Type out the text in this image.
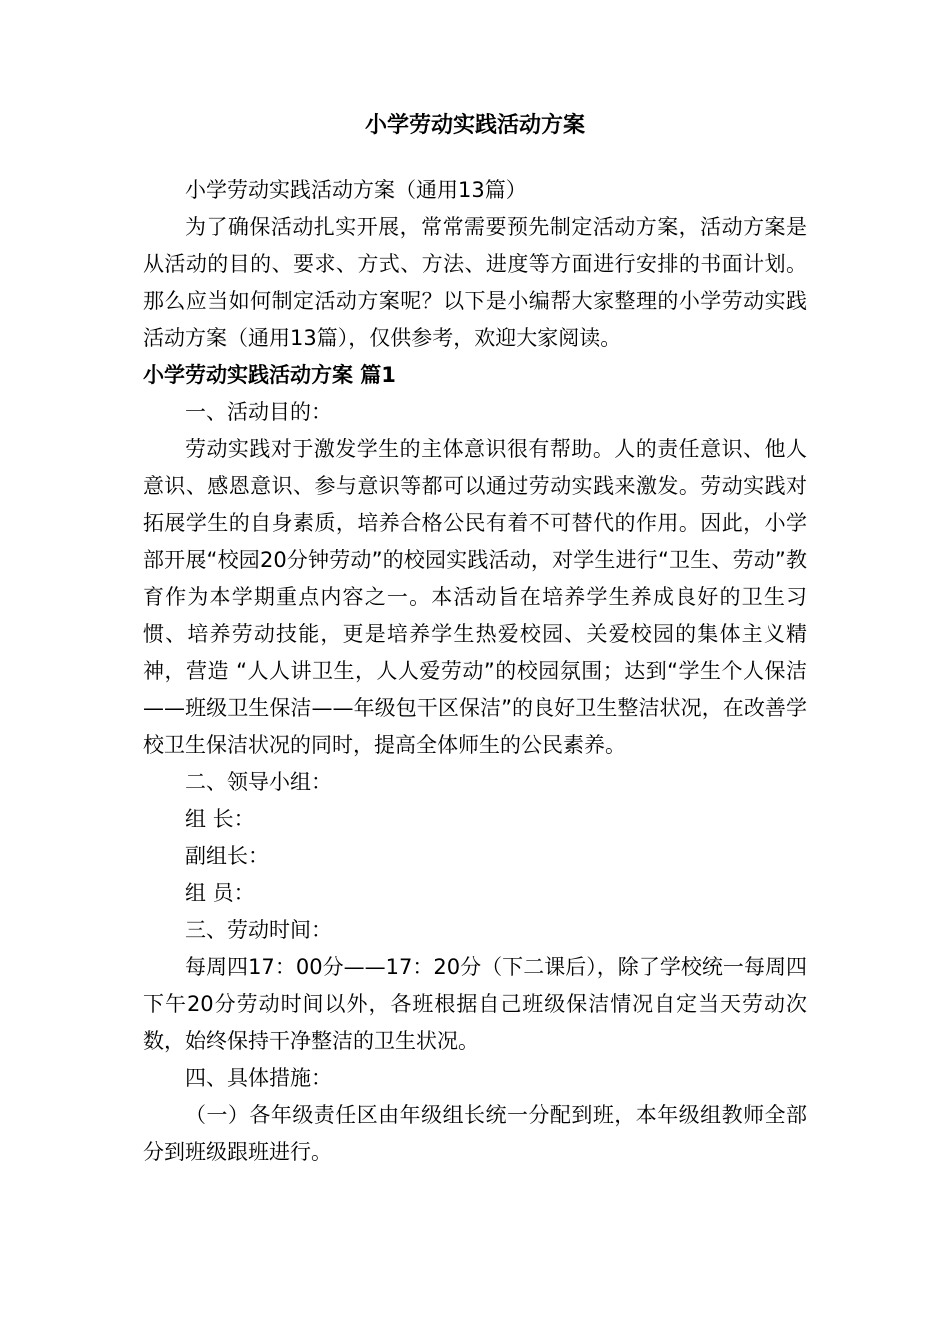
小学劳动实践活动方案

小学劳动实践活动方案（通用13篇）

为了确保活动扎实开展，常常需要预先制定活动方案，活动方案是从活动的目的、要求、方式、方法、进度等方面进行安排的书面计划。那么应当如何制定活动方案呢？以下是小编帮大家整理的小学劳动实践活动方案（通用13篇），仅供参考，欢迎大家阅读。

小学劳动实践活动方案 篇1

一、活动目的：

劳动实践对于激发学生的主体意识很有帮助。人的责任意识、他人意识、感恩意识、参与意识等都可以通过劳动实践来激发。劳动实践对拓展学生的自身素质，培养合格公民有着不可替代的作用。因此，小学部开展“校园20分钟劳动”的校园实践活动，对学生进行“卫生、劳动”教育作为本学期重点内容之一。本活动旨在培养学生养成良好的卫生习惯、培养劳动技能，更是培养学生热爱校园、关爱校园的集体主义精神，营造 “人人讲卫生，人人爱劳动”的校园氛围；达到“学生个人保洁——班级卫生保洁——年级包干区保洁”的良好卫生整洁状况，在改善学校卫生保洁状况的同时，提高全体师生的公民素养。

二、领导小组：

组 长：

副组长：

组 员：

三、劳动时间：

每周四17：00分——17：20分（下二课后），除了学校统一每周四下午20分劳动时间以外，各班根据自己班级保洁情况自定当天劳动次数，始终保持干净整洁的卫生状况。

四、具体措施：

（一）各年级责任区由年级组长统一分配到班，本年级组教师全部分到班级跟班进行。
